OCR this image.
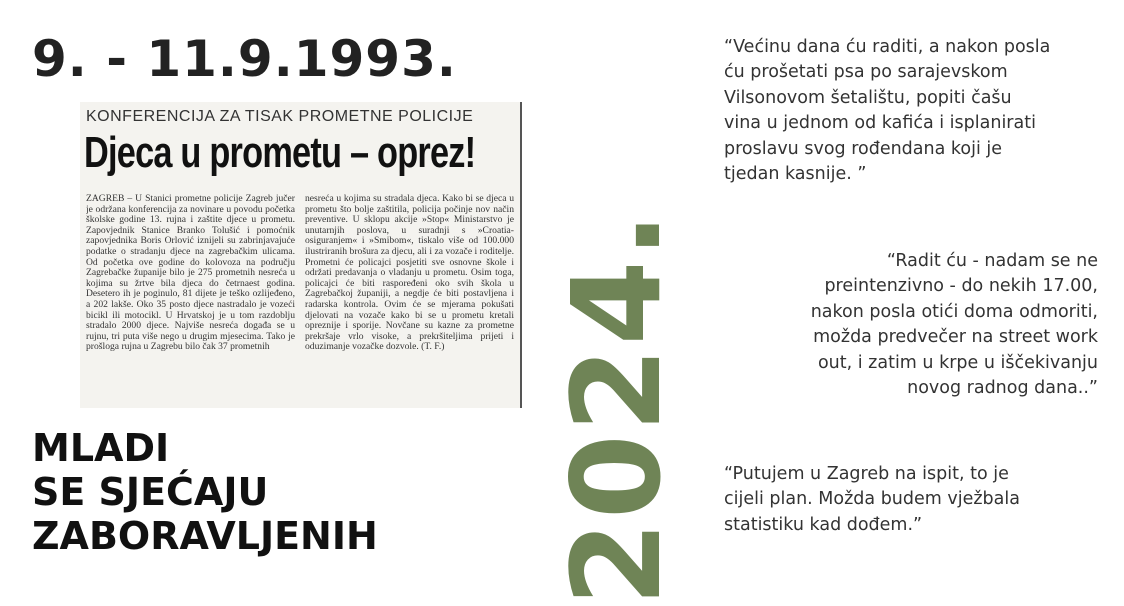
9. - 11.9.1993.
KONFERENCIJA ZA TISAK PROMETNE POLICIJE
Djeca u prometu – oprez!
ZAGREB – U Stanici prometne policije Zagreb jučer je održana konferencija za novinare u povodu početka školske godine 13. rujna i zaštite djece u prometu. Zapovjednik Stanice Branko Tolušić i pomoćnik zapovjednika Boris Orlović iznijeli su zabrinjavajuće podatke o stradanju djece na zagrebačkim ulicama. Od početka ove godine do kolovoza na području Zagrebačke županije bilo je 275 prometnih nesreća u kojima su žrtve bila djeca do četrnaest godina. Desetero ih je poginulo, 81 dijete je teško ozlijeđeno, a 202 lakše. Oko 35 posto djece nastradalo je vozeći bicikl ili motocikl. U Hrvatskoj je u tom razdoblju stradalo 2000 djece. Najviše nesreća događa se u rujnu, tri puta više nego u drugim mjesecima. Tako je prošloga rujna u Zagrebu bilo čak 37 prometnih
nesreća u kojima su stradala djeca. Kako bi se djeca u prometu što bolje zaštitila, policija počinje nov način preventive. U sklopu akcije »Stop« Ministarstvo je unutarnjih poslova, u suradnji s »Croatia-osiguranjem« i »Smibom«, tiskalo više od 100.000 ilustriranih brošura za djecu, ali i za vozače i roditelje. Prometni će policajci posjetiti sve osnovne škole i održati predavanja o vladanju u prometu. Osim toga, policajci će biti raspoređeni oko svih škola u Zagrebačkoj županiji, a negdje će biti postavljena i radarska kontrola. Ovim će se mjerama pokušati djelovati na vozače kako bi se u prometu kretali opreznije i sporije. Novčane su kazne za prometne prekršaje vrlo visoke, a prekršiteljima prijeti i oduzimanje vozačke dozvole. (T. F.)
MLADI
SE SJEĆAJU
ZABORAVLJENIH 2024.
“Većinu dana ću raditi, a nakon posla ću prošetati psa po sarajevskom Vilsonovom šetalištu, popiti čašu vina u jednom od kafića i isplanirati proslavu svog rođendana koji je tjedan kasnije. ”
“Radit ću - nadam se ne preintenzivno - do nekih 17.00, nakon posla otići doma odmoriti, možda predvečer na street work out, i zatim u krpe u iščekivanju novog radnog dana..”
“Putujem u Zagreb na ispit, to je cijeli plan. Možda budem vježbala statistiku kad dođem.”
